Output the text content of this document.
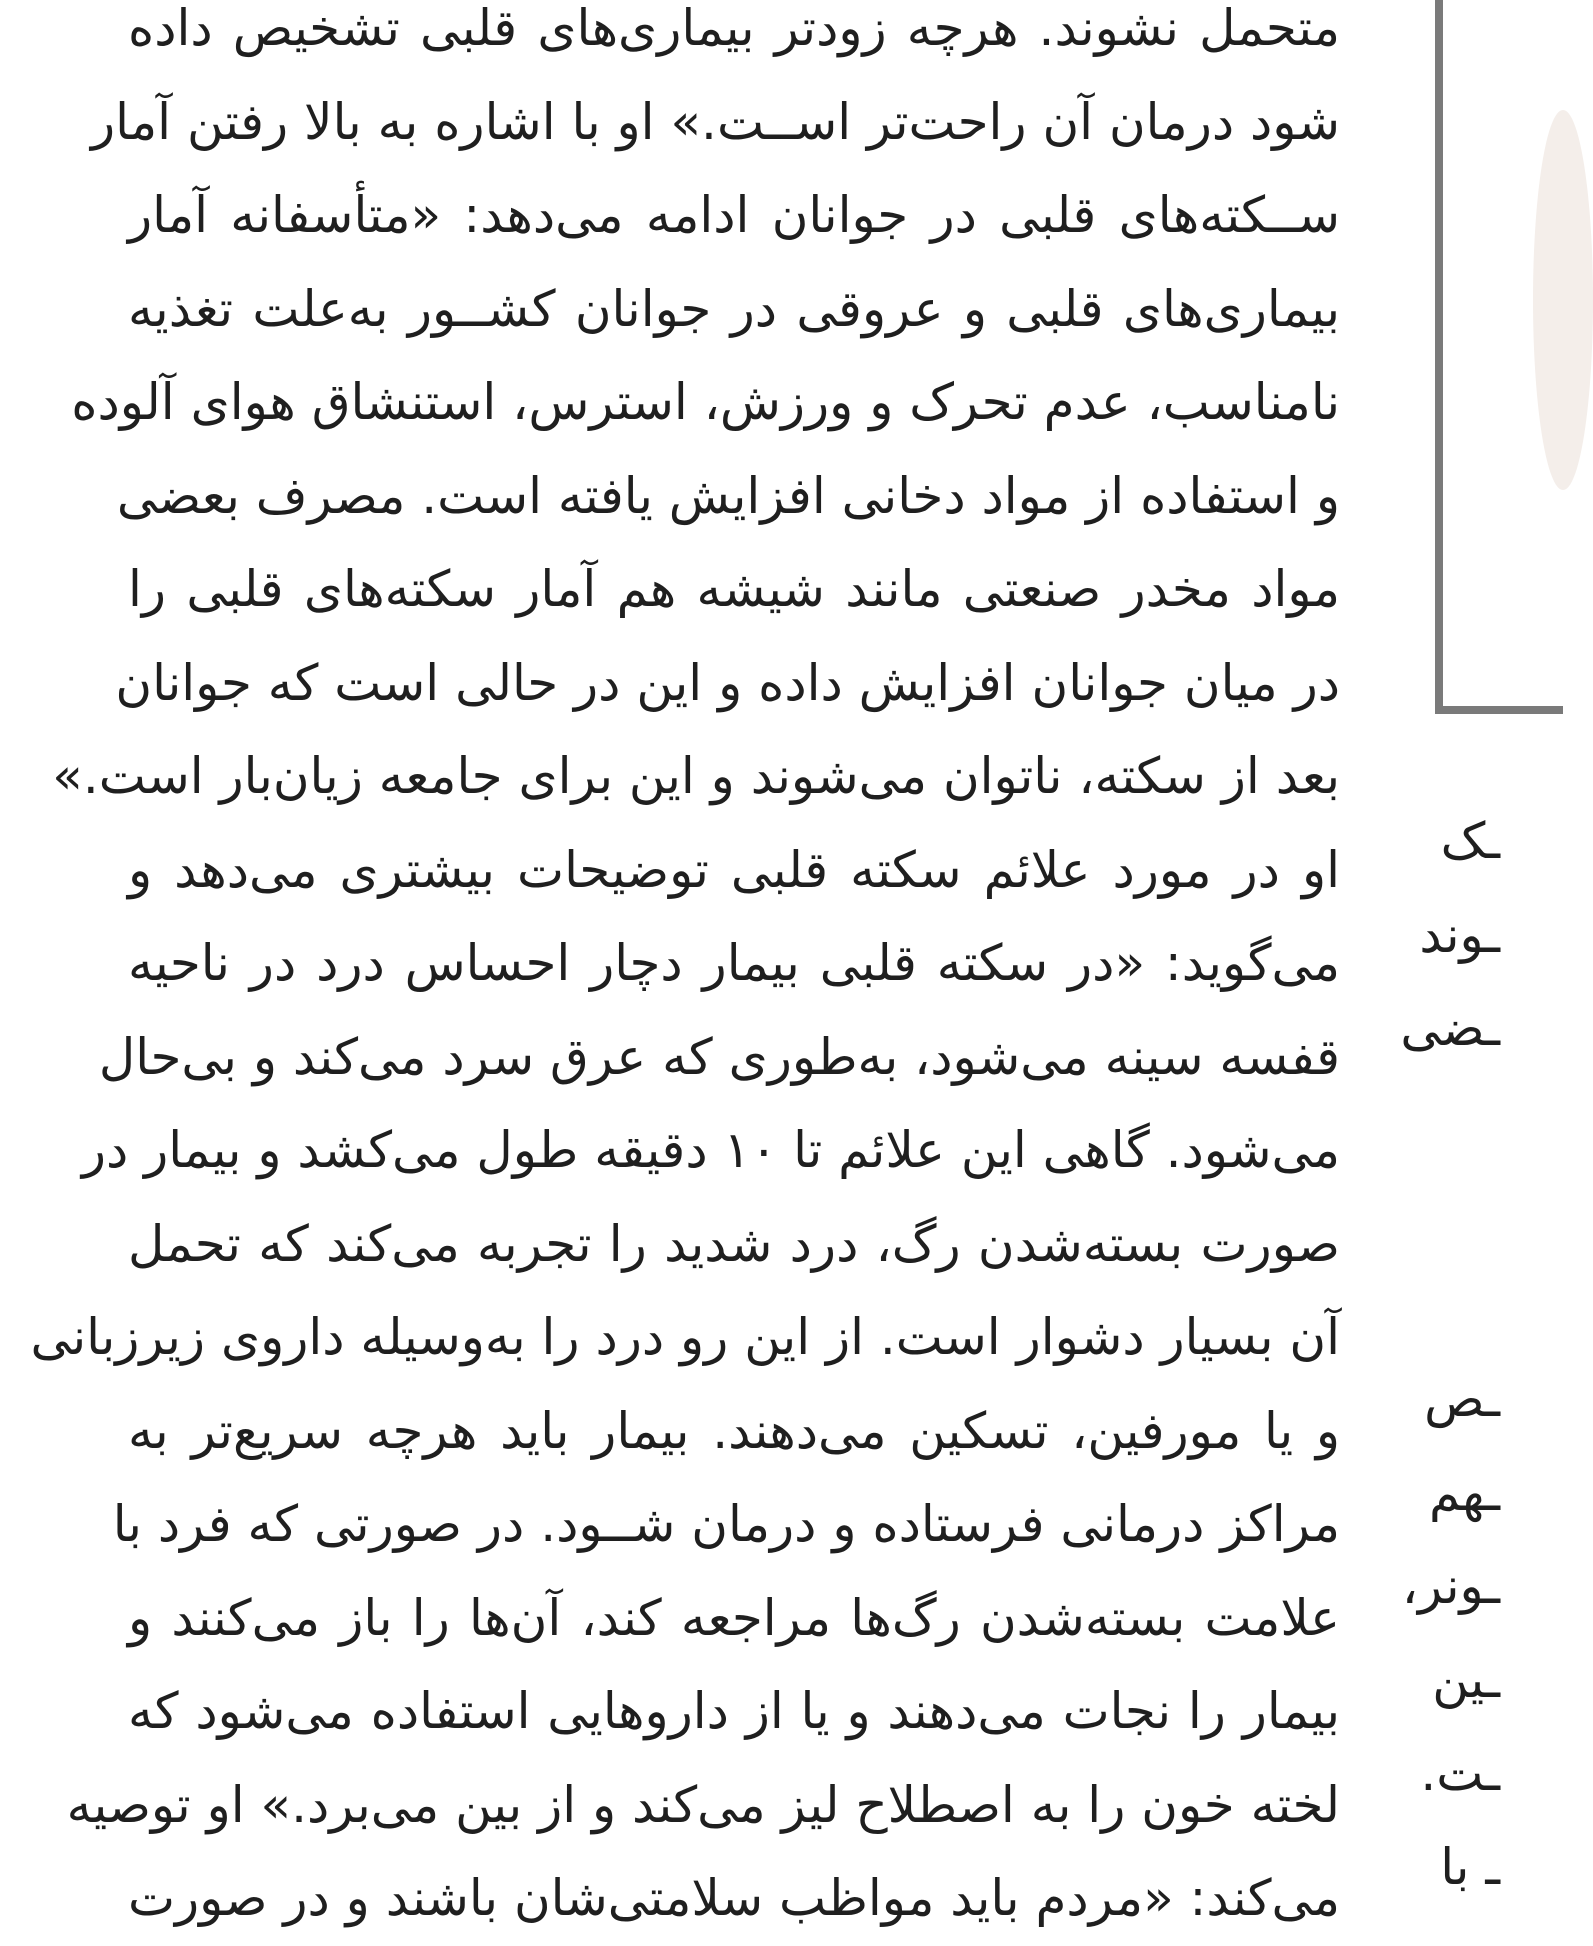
متحمل نشوند. هرچه زودتر بیماری‌های قلبی تشخیص داده
شود درمان آن راحت‌تر اســت.» او با اشاره به بالا رفتن آمار
ســکته‌های قلبی در جوانان ادامه می‌دهد: «متأسفانه آمار
بیماری‌های قلبی و عروقی در جوانان کشــور به‌علت تغذیه
نامناسب، عدم تحرک و ورزش، استرس، استنشاق هوای آلوده
و استفاده از مواد دخانی افزایش یافته است. مصرف بعضی
مواد مخدر صنعتی مانند شیشه هم آمار سکته‌های قلبی را
در میان جوانان افزایش داده و این در حالی است که جوانان
بعد از سکته، ناتوان می‌شوند و این برای جامعه زیان‌بار است.»
او در مورد علائم سکته قلبی توضیحات بیشتری می‌دهد و
می‌گوید: «در سکته قلبی بیمار دچار احساس درد در ناحیه
قفسه سینه می‌شود، به‌طوری که عرق سرد می‌کند و بی‌حال
می‌شود. گاهی این علائم تا ۱۰ دقیقه طول می‌کشد و بیمار در
صورت بسته‌شدن رگ، درد شدید را تجربه می‌کند که تحمل
آن بسیار دشوار است. از این رو درد را به‌وسیله داروی زیرزبانی
و یا مورفین، تسکین می‌دهند. بیمار باید هرچه سریع‌تر به
مراکز درمانی فرستاده و درمان شــود. در صورتی که فرد با
علامت بسته‌شدن رگ‌ها مراجعه کند، آن‌ها را باز می‌کنند و
بیمار را نجات می‌دهند و یا از داروهایی استفاده می‌شود که
لخته خون را به اصطلاح لیز می‌کند و از بین می‌برد.» او توصیه
می‌کند: «مردم باید مواظب سلامتی‌شان باشند و در صورت
ـک
ـوند
ـضی
ـص
ـهم
ـونر،
ـین
ـت.
ـ با
